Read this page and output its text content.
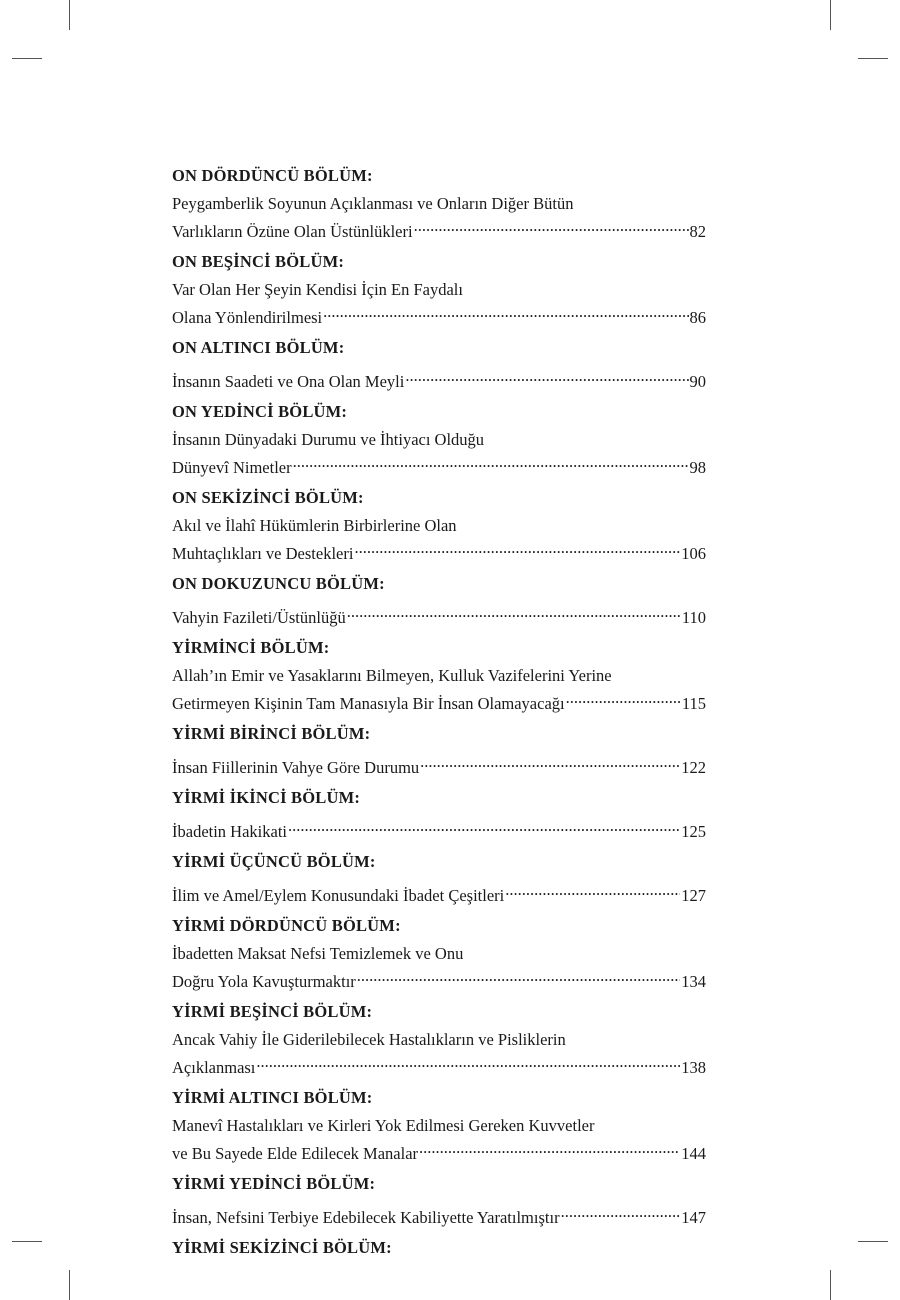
ON DÖRDÜNCÜ BÖLÜM:
Peygamberlik Soyunun Açıklanması ve Onların Diğer Bütün
Varlıkların Özüne Olan Üstünlükleri .....	82
ON BEŞİNCİ BÖLÜM:
Var Olan Her Şeyin Kendisi İçin En Faydalı
Olana Yönlendirilmesi .....	86
ON ALTINCI BÖLÜM:
İnsanın Saadeti ve Ona Olan Meyli .....	90
ON YEDİNCİ BÖLÜM:
İnsanın Dünyadaki Durumu ve İhtiyacı Olduğu
Dünyevî Nimetler .....	98
ON SEKİZİNCİ BÖLÜM:
Akıl ve İlahî Hükümlerin Birbirlerine Olan
Muhtaçlıkları ve Destekleri .....	106
ON DOKUZUNCU BÖLÜM:
Vahyin Fazileti/Üstünlüğü .....	110
YİRMİNCİ BÖLÜM:
Allah’ın Emir ve Yasaklarını Bilmeyen, Kulluk Vazifelerini Yerine
Getirmeyen Kişinin Tam Manasıyla Bir İnsan Olamayacağı .....	115
YİRMİ BİRİNCİ BÖLÜM:
İnsan Fiillerinin Vahye Göre Durumu .....	122
YİRMİ İKİNCİ BÖLÜM:
İbadetin Hakikati .....	125
YİRMİ ÜÇÜNCÜ BÖLÜM:
İlim ve Amel/Eylem Konusundaki İbadet Çeşitleri .....	127
YİRMİ DÖRDÜNCÜ BÖLÜM:
İbadetten Maksat Nefsi Temizlemek ve Onu
Doğru Yola Kavuşturmaktır .....	134
YİRMİ BEŞİNCİ BÖLÜM:
Ancak Vahiy İle Giderilebilecek Hastalıkların ve Pisliklerin
Açıklanması .....	138
YİRMİ ALTINCI BÖLÜM:
Manevî Hastalıkları ve Kirleri Yok Edilmesi Gereken Kuvvetler
ve Bu Sayede Elde Edilecek Manalar .....	144
YİRMİ YEDİNCİ BÖLÜM:
İnsan, Nefsini Terbiye Edebilecek Kabiliyette Yaratılmıştır .....	147
YİRMİ SEKİZİNCİ BÖLÜM:
